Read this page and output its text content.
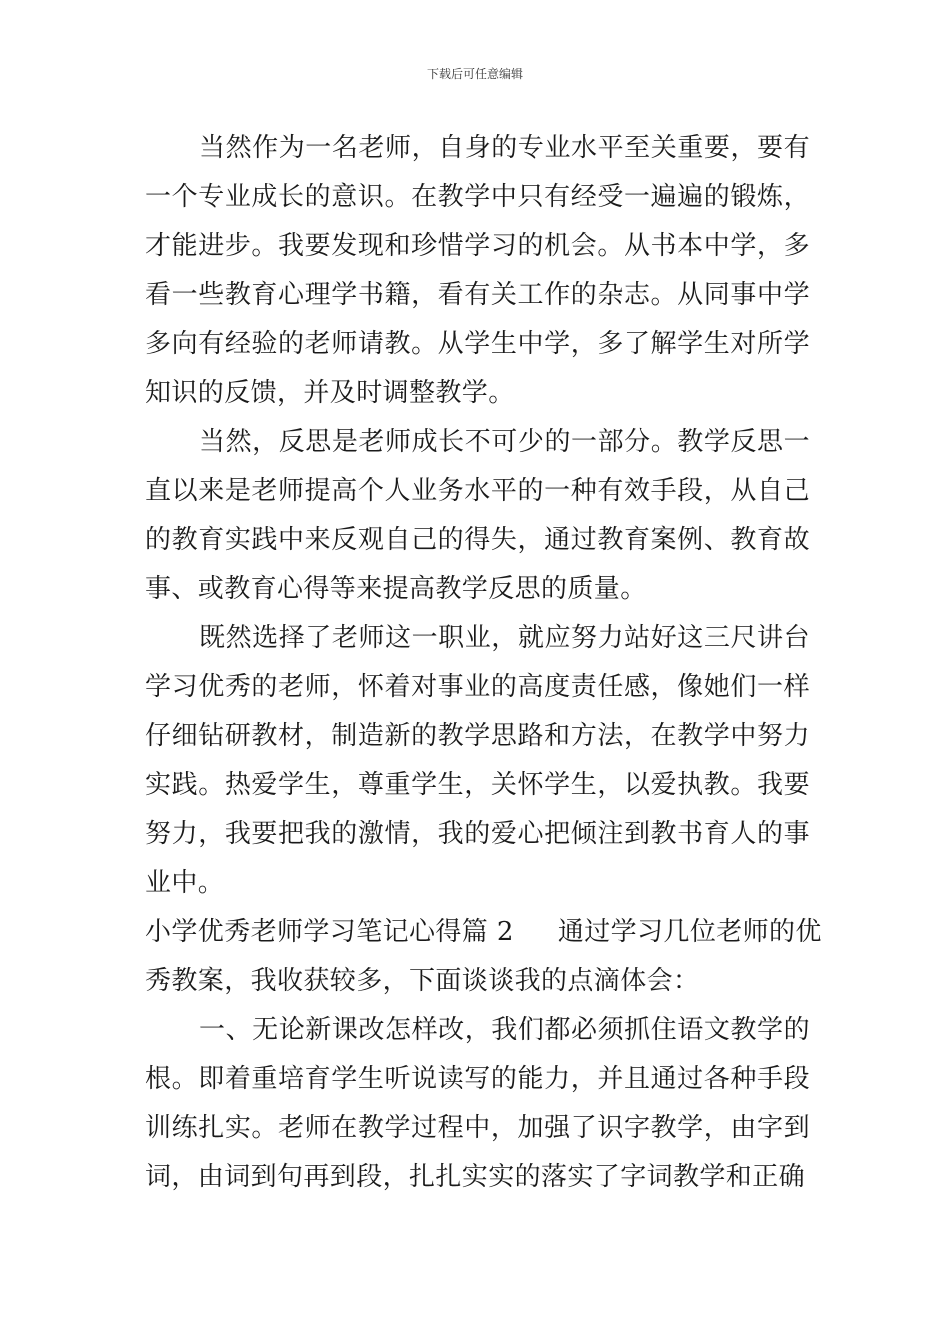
下载后可任意编辑

当然作为一名老师，自身的专业水平至关重要，要有一个专业成长的意识。在教学中只有经受一遍遍的锻炼，才能进步。我要发现和珍惜学习的机会。从书本中学，多看一些教育心理学书籍，看有关工作的杂志。从同事中学多向有经验的老师请教。从学生中学，多了解学生对所学知识的反馈，并及时调整教学。

当然，反思是老师成长不可少的一部分。教学反思一直以来是老师提高个人业务水平的一种有效手段，从自己的教育实践中来反观自己的得失，通过教育案例、教育故事、或教育心得等来提高教学反思的质量。

既然选择了老师这一职业，就应努力站好这三尺讲台学习优秀的老师，怀着对事业的高度责任感，像她们一样仔细钻研教材，制造新的教学思路和方法，在教学中努力实践。热爱学生，尊重学生，关怀学生，以爱执教。我要努力，我要把我的激情，我的爱心把倾注到教书育人的事业中。

小学优秀老师学习笔记心得篇 2 通过学习几位老师的优

秀教案，我收获较多，下面谈谈我的点滴体会：

一、无论新课改怎样改，我们都必须抓住语文教学的根。即着重培育学生听说读写的能力，并且通过各种手段训练扎实。老师在教学过程中，加强了识字教学，由字到词，由词到句再到段，扎扎实实的落实了字词教学和正确
